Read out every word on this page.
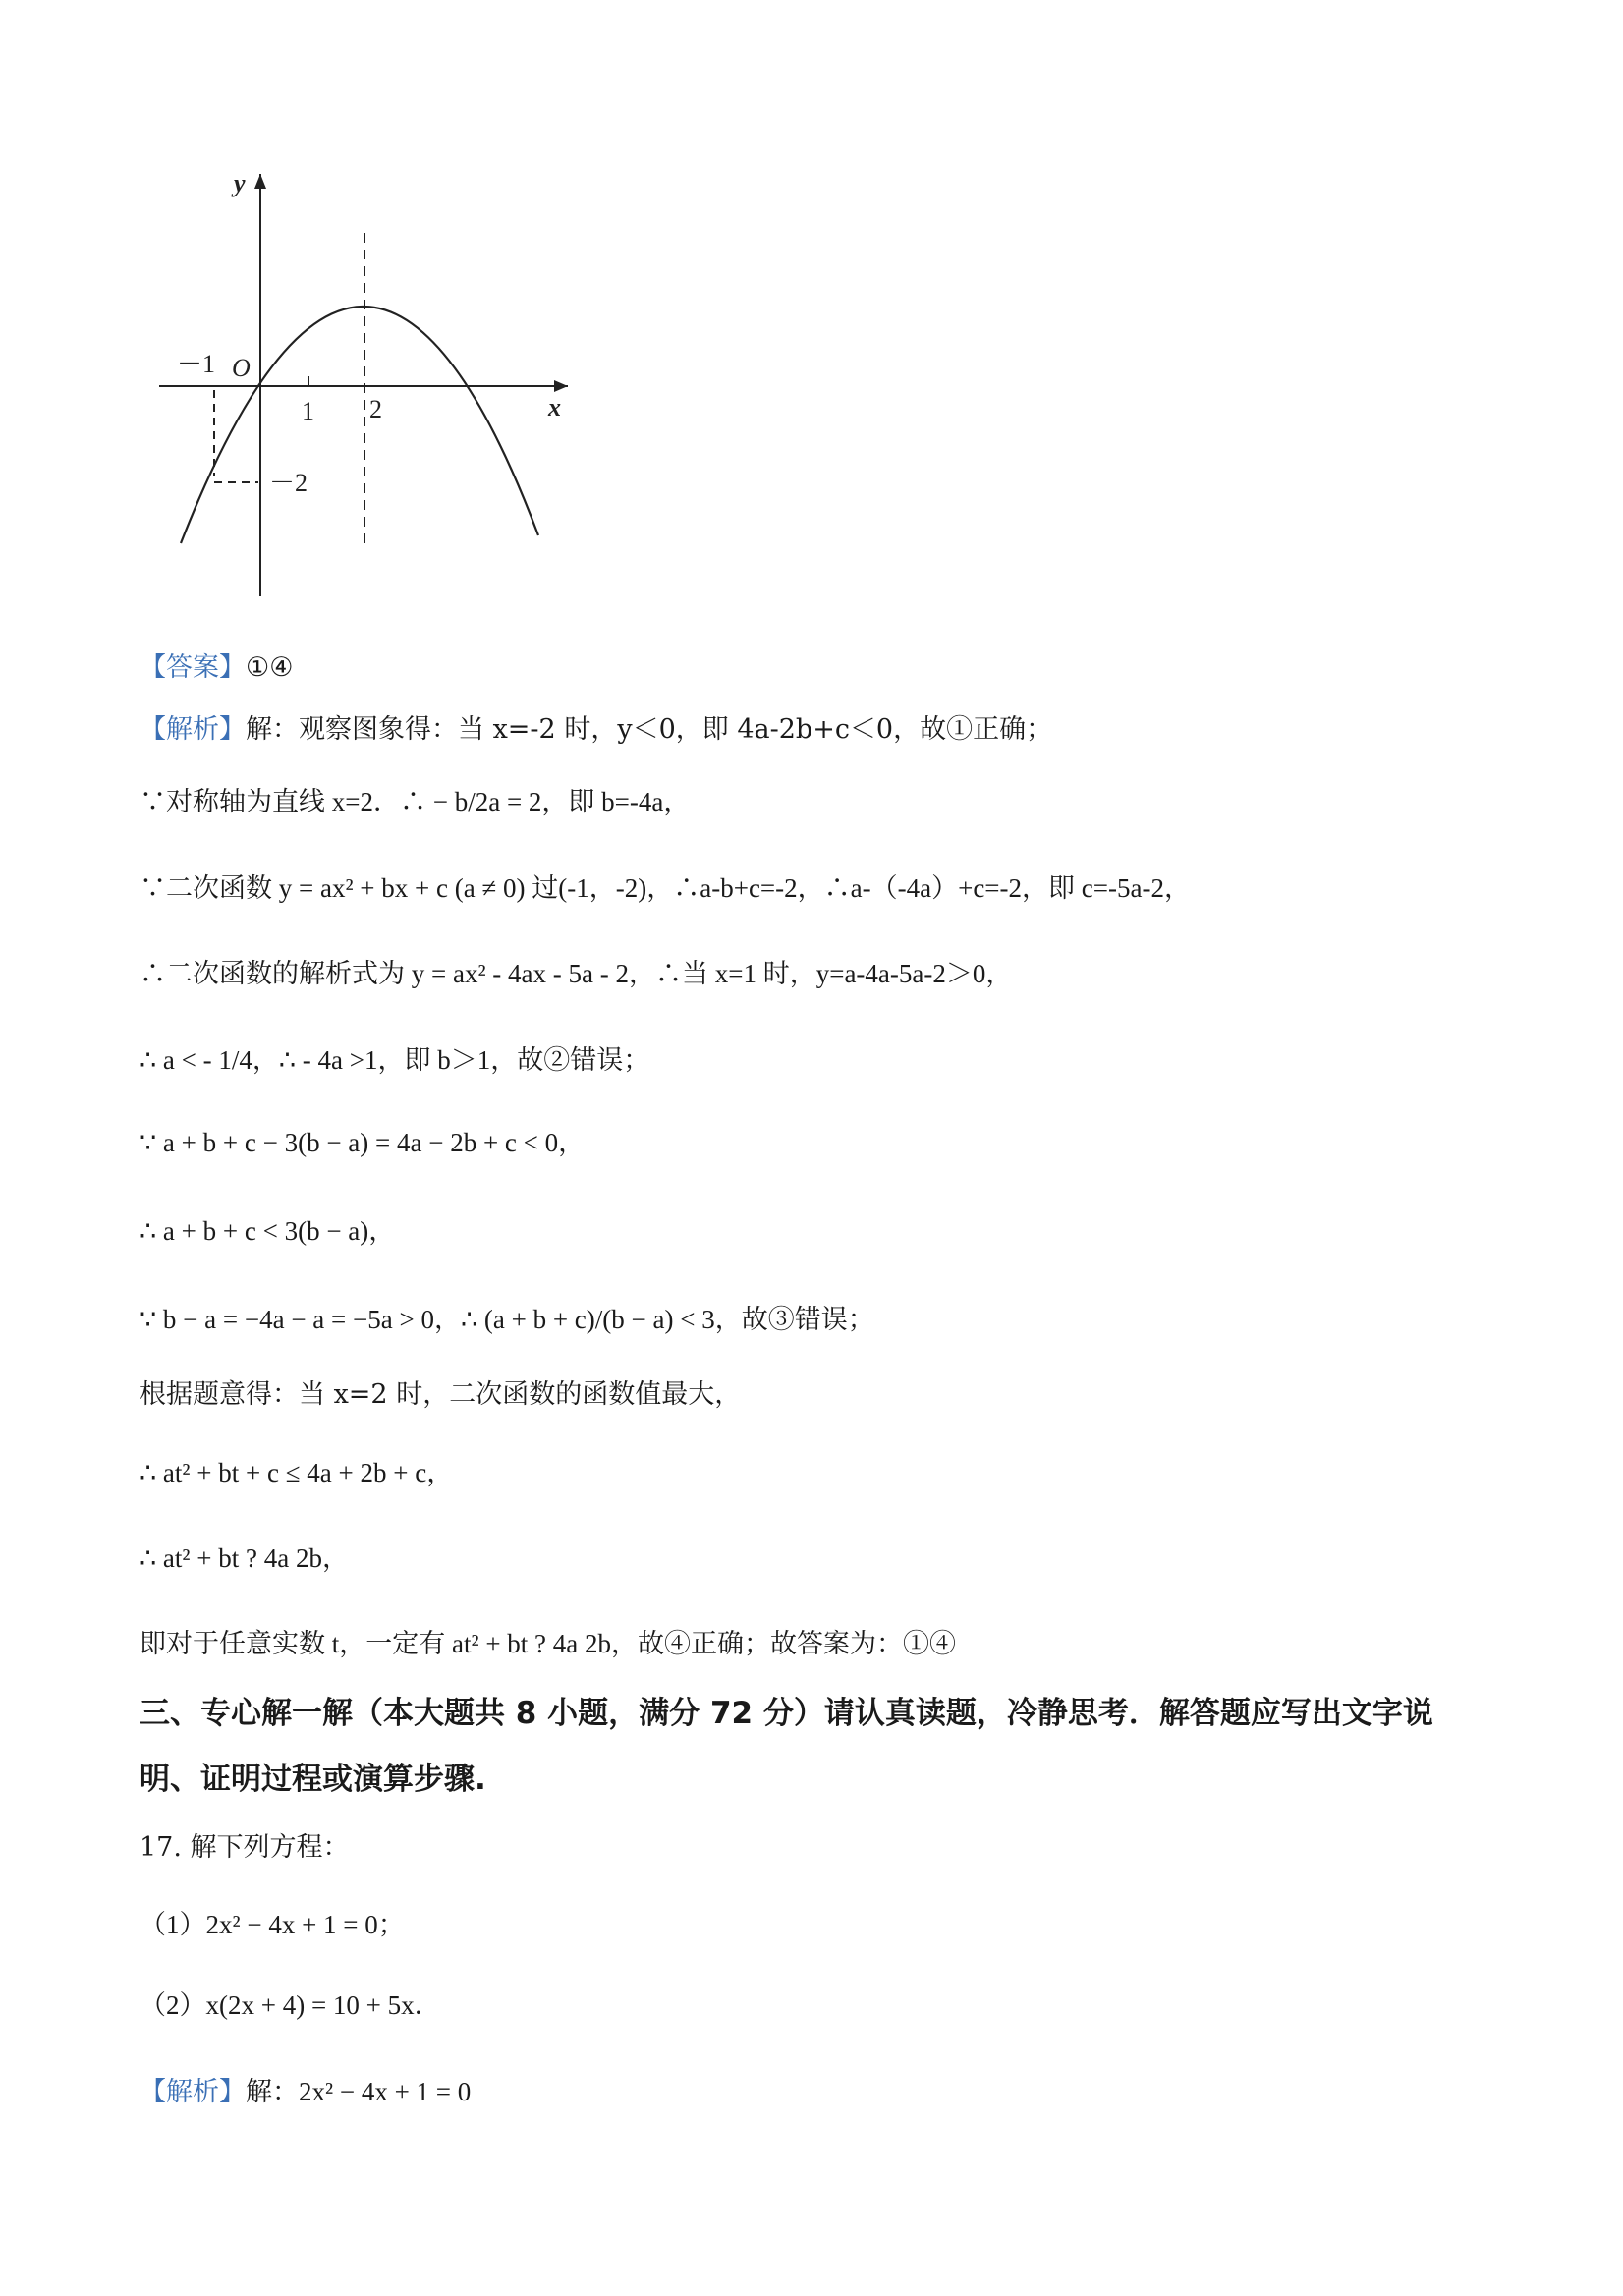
y
x
O
－1
1 2
－2
【答案】①④
【解析】解：观察图象得：当 x=-2 时，y＜0，即 4a-2b+c＜0，故①正确；
∵对称轴为直线 x=2．∴ − b/2a = 2，即 b=-4a，
∵二次函数 y = ax² + bx + c (a ≠ 0) 过(-1，-2)，∴a-b+c=-2，∴a-（-4a）+c=-2，即 c=-5a-2，
∴二次函数的解析式为 y = ax² - 4ax - 5a - 2，∴当 x=1 时，y=a-4a-5a-2＞0，
∴ a < - 1/4，∴ - 4a >1，即 b＞1，故②错误；
∵ a + b + c − 3(b − a) = 4a − 2b + c < 0，
∴ a + b + c < 3(b − a)，
∵ b − a = −4a − a = −5a > 0，∴ (a + b + c)/(b − a) < 3，故③错误；
根据题意得：当 x=2 时，二次函数的函数值最大，
∴ at² + bt + c ≤ 4a + 2b + c，
∴ at² + bt ? 4a 2b，
即对于任意实数 t，一定有 at² + bt ? 4a 2b，故④正确；故答案为：①④
三、专心解一解（本大题共 8 小题，满分 72 分）请认真读题，冷静思考．解答题应写出文字说
明、证明过程或演算步骤.
17. 解下列方程：
（1）2x² − 4x + 1 = 0；
（2）x(2x + 4) = 10 + 5x．
【解析】解：2x² − 4x + 1 = 0
